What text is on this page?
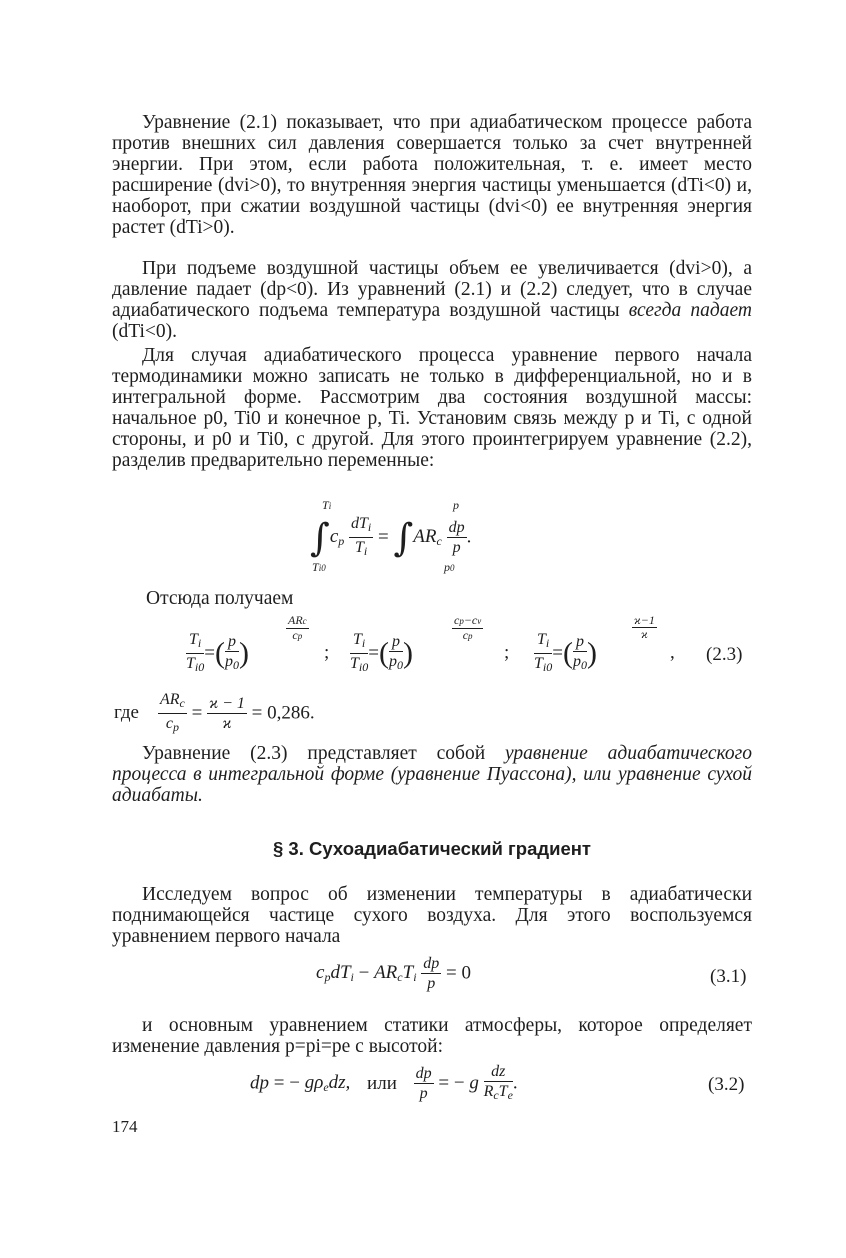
Уравнение (2.1) показывает, что при адиабатическом процессе работа против внешних сил давления совершается только за счет внутренней энергии. При этом, если работа положительная, т. е. имеет место расширение (dvi>0), то внутренняя энергия частицы уменьшается (dTi<0) и, наоборот, при сжатии воздушной частицы (dvi<0) ее внутренняя энергия растет (dTi>0).

При подъеме воздушной частицы объем ее увеличивается (dvi>0), а давление падает (dp<0). Из уравнений (2.1) и (2.2) следует, что в случае адиабатического подъема температура воздушной частицы всегда падает (dTi<0).

Для случая адиабатического процесса уравнение первого начала термодинамики можно записать не только в дифференциальной, но и в интегральной форме. Рассмотрим два состояния воздушной массы: начальное p0, Ti0 и конечное p, Ti. Установим связь между p и Ti, с одной стороны, и p0 и Ti0, с другой. Для этого проинтегрируем уравнение (2.2), разделив предварительно переменные:

Ti
Ti0
p
p0
$\int c_p$
$dT_i$
$T_i$
= $\int AR_c \frac{dp}{p}$ .
Отсюда получаем
$\frac{T_i}{T_{i0}}$ =( $\frac{p}{p_0}$ )
ARc
cp
; $\frac{T_i}{T_{i0}}$ =( $\frac{p}{p_0}$ )
cp−cv
cp
; $\frac{T_i}{T_{i0}}$ =( $\frac{p}{p_0}$ )
ϰ−1
ϰ
, (2.3)
где
$AR_c$
$c_p$
= $\frac{ϰ - 1}{ϰ} = 0,286$.

Уравнение (2.3) представляет собой уравнение адиабатического процесса в интегральной форме (уравнение Пуассона), или уравнение сухой адиабаты.

§ 3. Сухоадиабатический градиент

Исследуем вопрос об изменении температуры в адиабатически поднимающейся частице сухого воздуха. Для этого воспользуемся уравнением первого начала

$c_pdT_i - AR_cT_i \frac{dp}{p} = 0$	(3.1)

и основным уравнением статики атмосферы, которое определяет изменение давления p=pi=pe с высотой:

dp = − $g\rho_edz$, или $\frac{dp}{p}$ = − g
dz
$R_cT_e$
.	(3.2)
174
